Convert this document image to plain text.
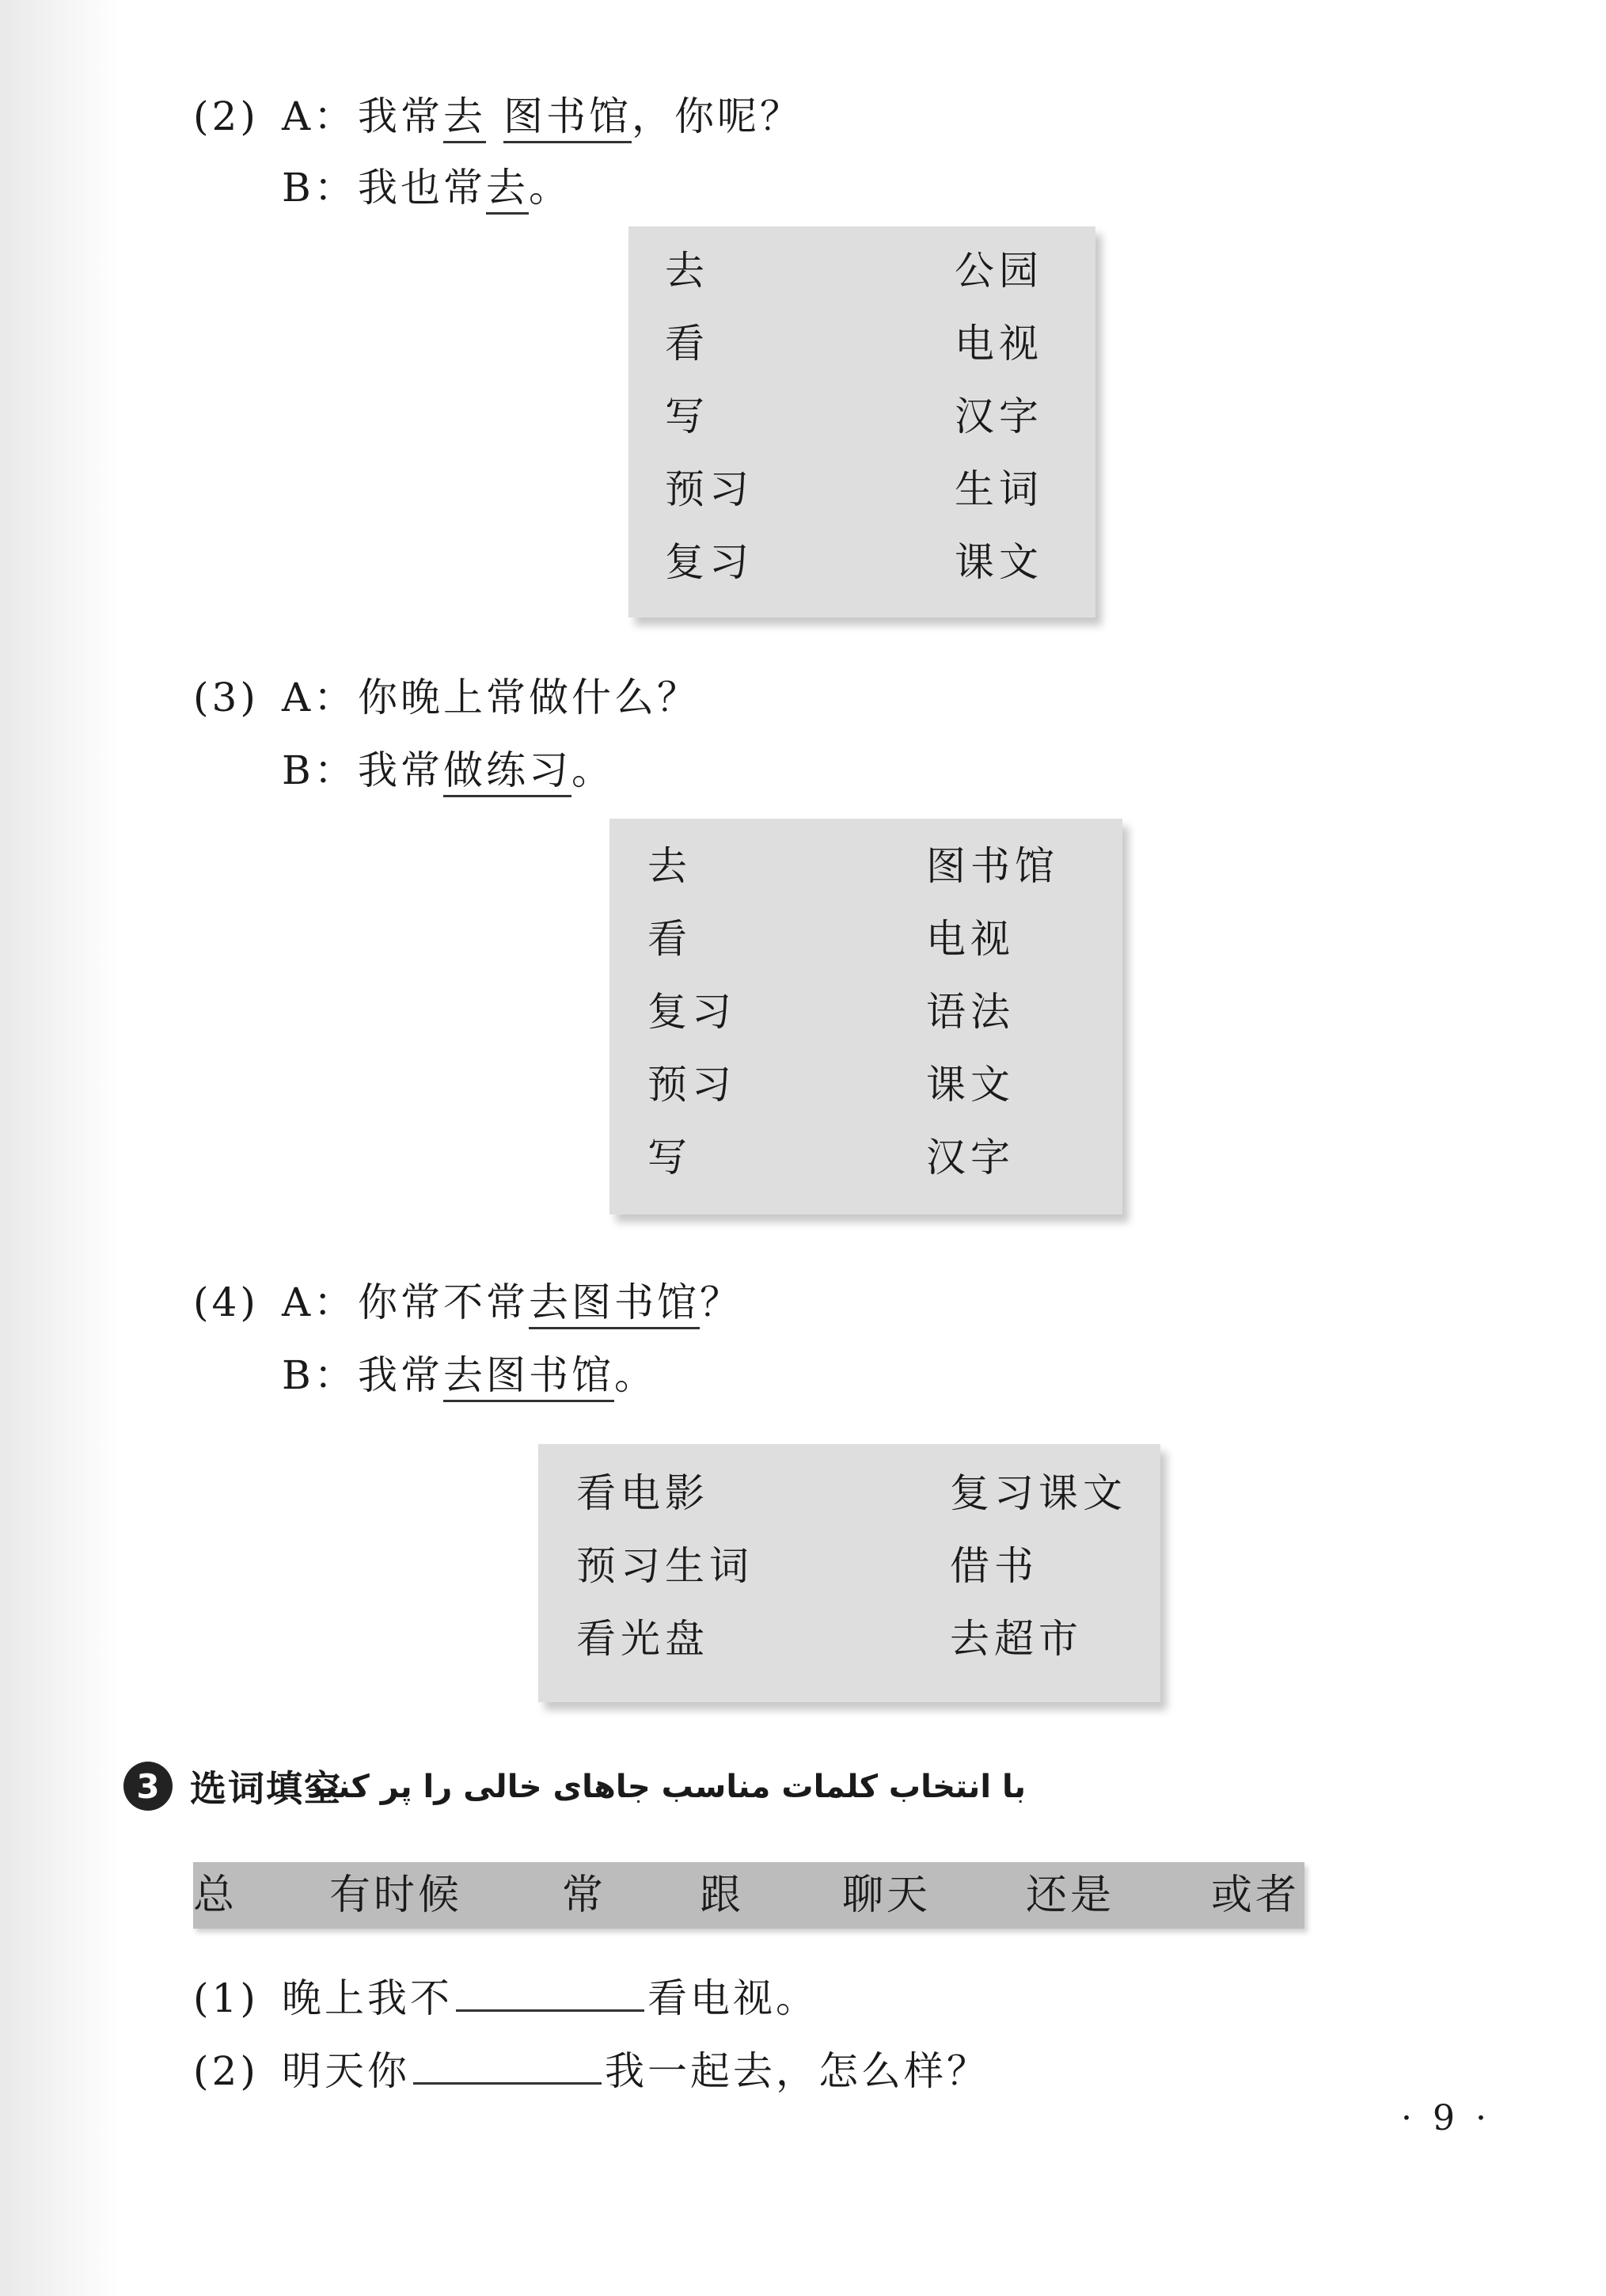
(2) A：我常去 图书馆，你呢？
B：我也常去。
去	公园
看	电视
写	汉字
预习	生词
复习	课文
(3) A：你晚上常做什么？
B：我常做练习。
去	图书馆
看	电视
复习	语法
预习	课文
写	汉字
(4) A：你常不常去图书馆？
B：我常去图书馆。
看电影	复习课文
预习生词	借书
看光盘	去超市
3 选词填空
با انتخاب کلمات مناسب جاهای خالی را پر کنید
总 有时候 常 跟 聊天 还是 或者
(1) 晚上我不	看电视。
(2) 明天你	我一起去，怎么样？
· 9 ·
